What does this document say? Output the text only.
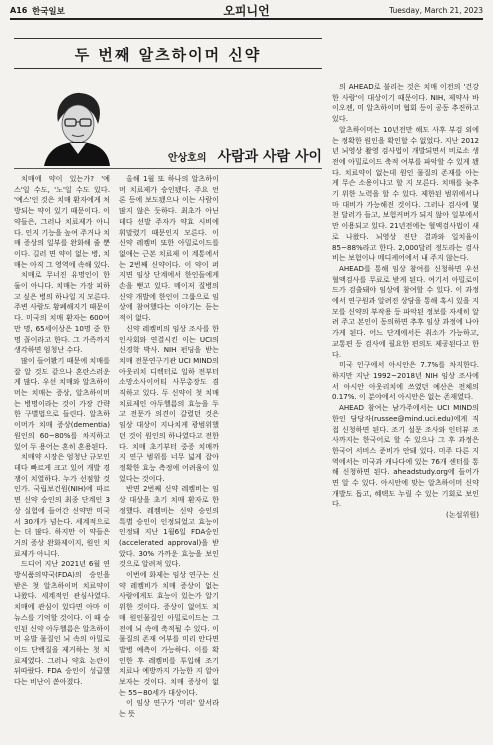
A16 한국일보	오피니언	Tuesday, March 21, 2023
두 번째 알츠하이머 신약
안상호의 사람과 사람 사이

치매에 약이 있는가? '예스'일 수도, '노'일 수도 있다. '예스'인 것은 치매 환자에게 처방되는 약이 있기 때문이다. 이 약들은, 그러나 치료제가 아니다. 인지 기능을 높여 주거나 치매 증상의 일부를 완화해 줄 뿐이다. 길러 면 약이 없는 병, 치매는 아직 그 영역에 속해 있다.

치매로 무너진 유명인이 한 둘이 아니다. 치매는 가장 피하고 싶은 병의 하나일 지 모른다. 주변 사람도 황폐해지기 때문이다. 미국의 치매 환자는 600여만 명, 65세이상은 10명 중 한 명 꼴이라고 한다. 그 가족까지 생각하면 엄청난 수다.

많이 들어봤기 때문에 치매를 잘 알 것도 같으나 혼란스러운 게 많다. 우선 치매와 알츠하이머는 치매는 증상, 알츠하이머는 병명이라는 것이 가장 간략한 구별법으로 들린다. 알츠하이머가 치매 증상(dementia) 원인의 60~80%를 차지하고 있어 두 용어는 혼히 혼용된다.

치매약 시장은 엄청난 규모인 데다 빠르게 크고 있어 개발 경쟁이 치열하다. 누가 선점할 것인가. 국립보건원(NIH)에 따르면 신약 승인의 최종 단계인 3상 실험에 들어간 신약만 미국서 30개가 넘는다. 세계적으로는 더 많다. 하지만 이 약들은 거의 증상 완화제이지, 원인 치료제가 아니다.

드디어 지난 2021년 6월 연방식품의약국(FDA)의 승인을 받은 첫 알츠하이머 치료약이 나왔다. 세계적인 관심사였다. 치매에 관심이 있다면 아마 이 뉴스를 기억할 것이다. 이 때 승인된 신약 아두헬름은 알츠하이머 유발 물질인 뇌 속의 아밀로이드 단백질을 제거하는 첫 치료제였다. 그러나 약효 논란이 뒤따랐다. FDA 승인이 성급했다는 비난이 쏟아졌다.

올해 1월 또 하나의 알츠하이머 치료제가 승인됐다. 주요 언론 등에 보도됐으나 이는 사람이 많지 않은 듯하다. 최초가 아닌 데다 선발 주자가 약효 시비에 휘말렸기 때문인지 모른다. 이 신약 레켐비 또한 아밀로이드를 없애는 근본 치료제 이 계통에서는 2번째 신약이다. 이 약이 퍼지면 임상 단계에서 한인들에게 손을 뻗고 있다. 메이저 질병의 신약 개발에 한인이 그룹으로 임상에 참여했다는 이야기는 듣는 적이 없다.

신약 레켐비의 임상 조사를 한인사회와 연결시킨 이는 UCI의 신경학 박사. NIH 펀딩을 받는 치매 전문연구기관 UCI MIND의 아웃리치 디렉터로 일하 전부터 소망소사이어티 사무총장도 겸직하고 있다. 두 신약이 첫 치매 치료제인 아두헬름의 효능을 두고 전문가 의견이 갈렸던 것은 임상 대상이 지나치게 광범위했던 것이 원인의 하나였다고 전한다. 치매 초기부터 중증 치매까지 연구 범위를 너무 넓게 잡아 정확한 효능 측정에 어려움이 있었다는 것이다.

반면 2번째 신약 레켐비는 임상 대상을 초기 치매 환자로 한정했다. 레켐비는 신약 승인의 특별 승인이 인정되었고 효능이 인정돼 지난 1월6일 FDA승인(accelerated approval)을 받았다. 30% 가까운 효능을 보인 것으로 알려져 있다.

이번에 화제는 임상 연구는 신약 레켐비가 치매 증상이 없는 사람에게도 효능이 있는가 알기 위한 것이다. 증상이 없어도 치매 원인물질인 아밀로이드는 그 전에 뇌 속에 축적될 수 있다. 이 물질의 존재 여부를 미리 안다면 발병 예측이 가능하다. 이를 확인한 후 레켐비를 투입해 조기 치료나 예방까지 가능한 지 알아보자는 것이다. 치매 증상이 없는 55~80세가 대상이다.

이 임상 연구가 '미리' 앞서라는 뜻

의 AHEAD로 불리는 것은 치매 이전의 '건강한 사람'이 대상이기 때문이다. NIH, 제약사 바이오젠, 미 알츠하이머 협회 등이 공동 추진하고 있다.

알츠하이머는 10년전만 해도 사후 부검 외에는 정확한 원인을 확인할 수 없었다. 지난 2012년 뇌영상 촬영 검사법이 개발되면서 비로소 생전에 아밀로이드 축적 여부를 파악할 수 있게 됐다. 치료약이 없는데 원인 물질의 존재를 아는 게 무슨 소용이냐고 할 지 모른다. 치매를 늦추기 위한 노력을 할 수 있다. 제한된 범위에서나마 대비가 가능해진 것이다. 그러나 검사에 몇 천 달러가 들고, 보험커버가 되지 않아 일부에서만 이용되고 있다. 21년전에는 혈액검사법이 새로 나왔다. 뇌영상 진단 결과와 일치율이 85~88%라고 한다. 2,000달러 정도라는 검사비는 보험이나 메디케어에서 내 주지 않는다.

AHEAD를 통해 임상 참여를 신청하면 우선 혈액검사를 무료로 받게 된다. 여기서 아밀로이드가 검출돼야 임상에 참여할 수 있다. 이 과정에서 연구원과 알려진 상담을 통해 혹시 있을 지 모를 신약의 부작용 등 파악된 정보를 자세히 알려 주고 본인이 동의하면 추후 임상 과정에 나아가게 된다. 어느 단계에서든 취소가 가능하고, 교통편 등 검사에 필요한 편의도 제공된다고 한다.

미국 인구에서 아시안은 7.7%를 차지한다. 하지만 지난 1992~2018년 NIH 임상 조사에서 아시안 아웃리치에 쓰였던 예산은 전체의 0.17%. 이 분야에서 아시안은 없는 존재였다.

AHEAD 참여는 남가주에서는 UCI MIND의 한인 담당자(russee@mind.uci.edu)에게 직접 신청하면 된다. 조기 설문 조사와 인터뷰 조사까지는 한국어로 할 수 있으나 그 후 과정은 한국어 서비스 준비가 안돼 있다. 미주 다른 지역에서는 미국과 캐나다에 있는 76개 센터를 통해 신청하면 된다. aheadstudy.org에 들어가면 알 수 있다. 아시안에 맞는 알츠하이머 신약 개발도 돕고, 혜택도 누릴 수 있는 기회로 보인다.

(논설위원)
